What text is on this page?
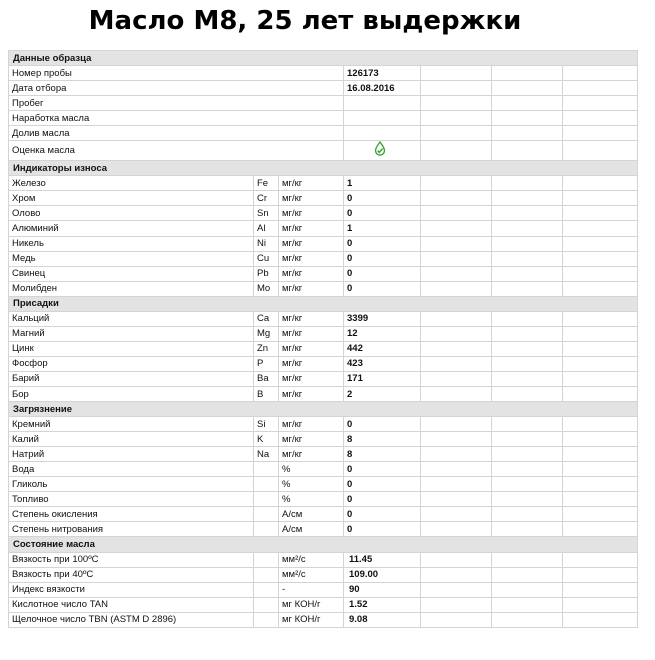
Масло М8, 25 лет выдержки
Данные образца						
Номер пробы			126173			
Дата отбора			16.08.2016			
Пробег						
Наработка масла						
Долив масла						
Оценка масла				
Индикаторы износа						
Железо	Fe	мг/кг	1			
Хром	Cr	мг/кг	0			
Олово	Sn	мг/кг	0			
Алюминий	Al	мг/кг	1			
Никель	Ni	мг/кг	0			
Медь	Cu	мг/кг	0			
Свинец	Pb	мг/кг	0			
Молибден	Mo	мг/кг	0			
Присадки						
Кальций	Ca	мг/кг	3399			
Магний	Mg	мг/кг	12			
Цинк	Zn	мг/кг	442			
Фосфор	P	мг/кг	423			
Барий	Ba	мг/кг	171			
Бор	B	мг/кг	2			
Загрязнение						
Кремний	Si	мг/кг	0			
Калий	K	мг/кг	8			
Натрий	Na	мг/кг	8			
Вода		%	0			
Гликоль		%	0			
Топливо		%	0			
Степень окисления		А/см	0			
Степень нитрования		А/см	0			
Состояние масла						
Вязкость при 100ºС		мм²/с	11.45			
Вязкость при 40ºС		мм²/с	109.00			
Индекс вязкости		-	90			
Кислотное число TAN		мг КОН/г	1.52			
Щелочное число TBN (ASTM D 2896)		мг КОН/г	9.08			
